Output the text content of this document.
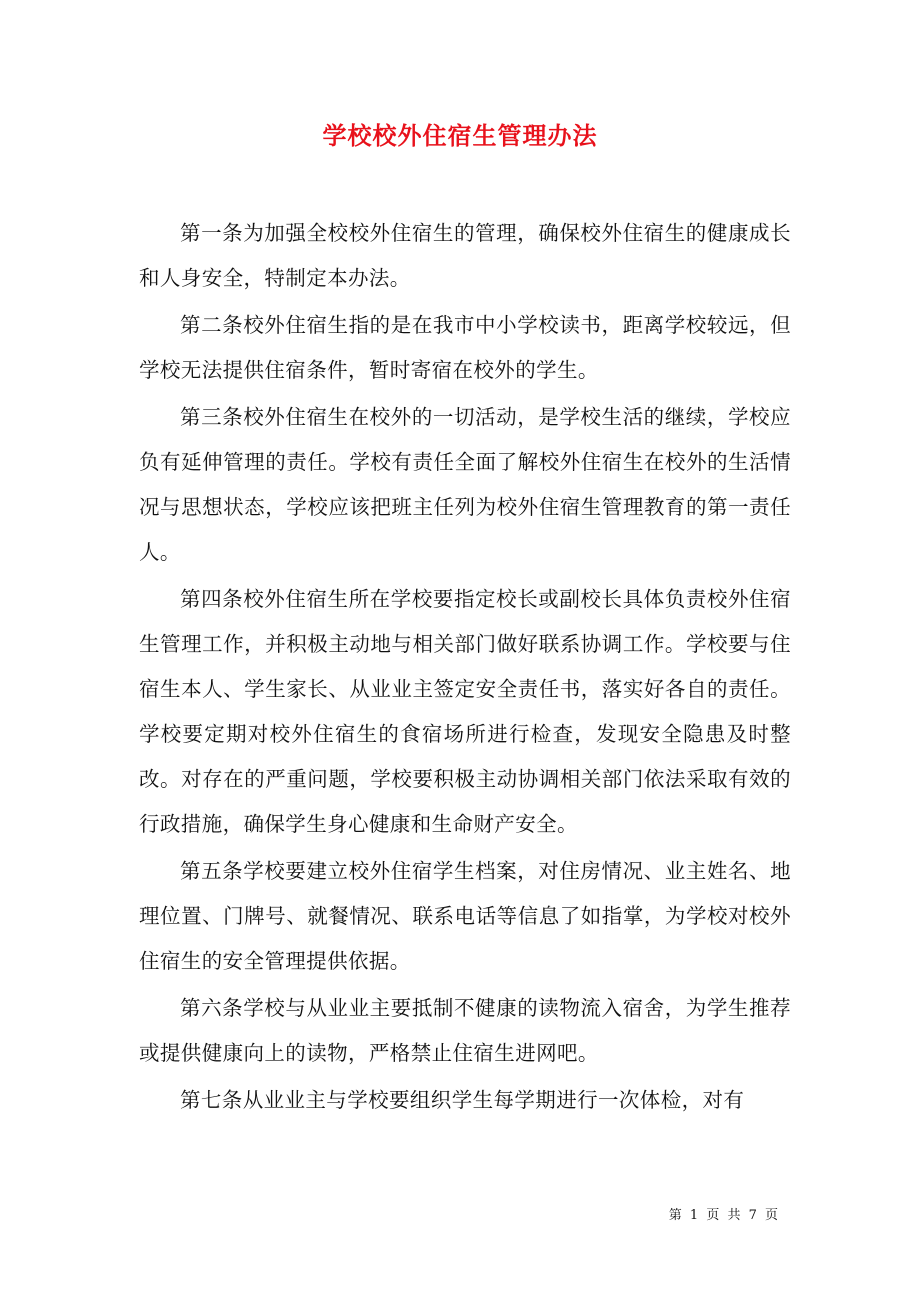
学校校外住宿生管理办法

第一条为加强全校校外住宿生的管理，确保校外住宿生的健康成长和人身安全，特制定本办法。

第二条校外住宿生指的是在我市中小学校读书，距离学校较远，但学校无法提供住宿条件，暂时寄宿在校外的学生。

第三条校外住宿生在校外的一切活动，是学校生活的继续，学校应负有延伸管理的责任。学校有责任全面了解校外住宿生在校外的生活情况与思想状态，学校应该把班主任列为校外住宿生管理教育的第一责任人。

第四条校外住宿生所在学校要指定校长或副校长具体负责校外住宿生管理工作，并积极主动地与相关部门做好联系协调工作。学校要与住宿生本人、学生家长、从业业主签定安全责任书，落实好各自的责任。学校要定期对校外住宿生的食宿场所进行检查，发现安全隐患及时整改。对存在的严重问题，学校要积极主动协调相关部门依法采取有效的行政措施，确保学生身心健康和生命财产安全。

第五条学校要建立校外住宿学生档案，对住房情况、业主姓名、地理位置、门牌号、就餐情况、联系电话等信息了如指掌，为学校对校外住宿生的安全管理提供依据。

第六条学校与从业业主要抵制不健康的读物流入宿舍，为学生推荐或提供健康向上的读物，严格禁止住宿生进网吧。

第七条从业业主与学校要组织学生每学期进行一次体检，对有

第 1 页 共 7 页
